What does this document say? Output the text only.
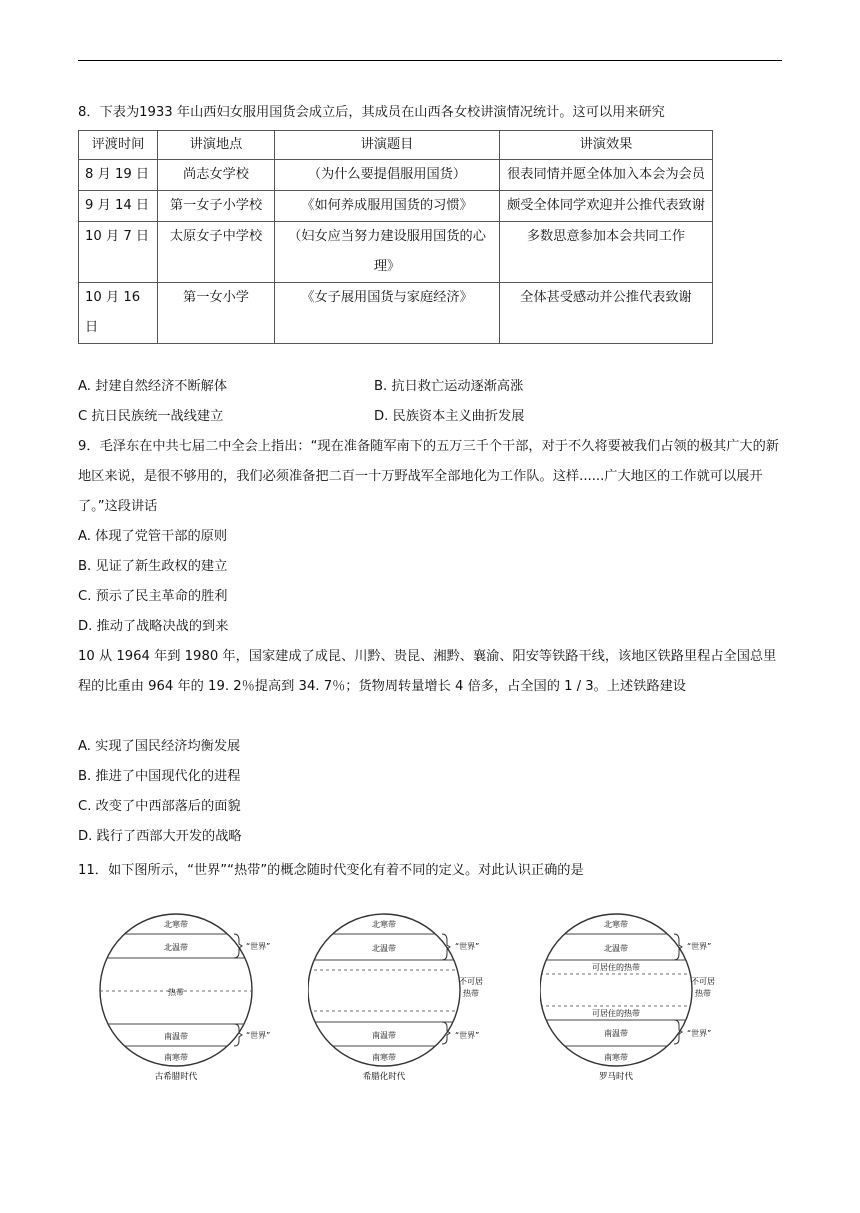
8．下表为1933 年山西妇女服用国货会成立后，其成员在山西各女校讲演情况统计。这可以用来研究
评渡时间	讲演地点	讲演题目	讲演效果
8 月 19 日	尚志女学校	（为什么要提倡服用国货）	很表同情并愿全体加入本会为会员
9 月 14 日	第一女子小学校	《如何养成服用国货的习惯》	颇受全体同学欢迎并公推代表致谢
10 月 7 日	太原女子中学校	（妇女应当努力建设服用国货的心理》	多数思意参加本会共同工作
10 月 16 日	第一女小学	《女子展用国货与家庭经济》	全体甚受感动并公推代表致谢
A. 封建自然经济不断解体	B. 抗日救亡运动逐渐高涨
C 抗日民族统一战线建立	D. 民族资本主义曲折发展
9．毛泽东在中共七届二中全会上指出：“现在准备随军南下的五万三千个干部，对于不久将要被我们占领的极其广大的新地区来说，是很不够用的，我们必须准备把二百一十万野战军全部地化为工作队。这样......广大地区的工作就可以展开了。”这段讲话
A. 体现了党管干部的原则
B. 见证了新生政权的建立
C. 预示了民主革命的胜利
D. 推动了战略决战的到来
10 从 1964 年到 1980 年，国家建成了成昆、川黔、贵昆、湘黔、襄渝、阳安等铁路干线，该地区铁路里程占全国总里程的比重由 964 年的 19. 2％提高到 34. 7％；货物周转量增长 4 倍多，占全国的 1 / 3。上述铁路建设
A. 实现了国民经济均衡发展
B. 推进了中国现代化的进程
C. 改变了中西部落后的面貌
D. 践行了西部大开发的战略
11．如下图所示，“世界”“热带”的概念随时代变化有着不同的定义。对此认识正确的是
北寒带
北温带
热带
南温带
南寒带
“世界”
“世界”
古希腊时代
北寒带
北温带
南温带
南寒带
“世界”
不可居
热带
“世界”
希腊化时代
北寒带
北温带
可居住的热带
可居住的热带
南温带
南寒带
“世界”
不可居
热带
“世界”
罗马时代
